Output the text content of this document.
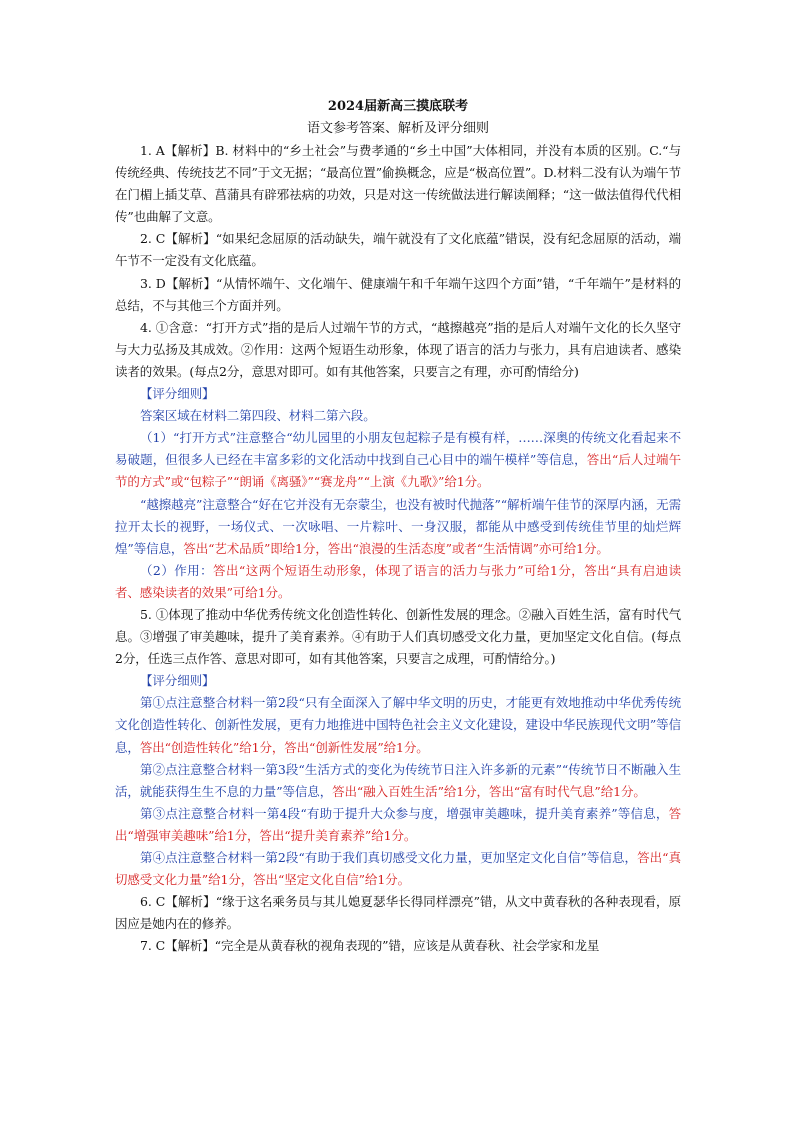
2024届新高三摸底联考
语文参考答案、解析及评分细则

1. A【解析】B. 材料中的“乡土社会”与费孝通的“乡土中国”大体相同，并没有本质的区别。C.“与传统经典、传统技艺不同”于文无据；“最高位置”偷换概念，应是“极高位置”。D.材料二没有认为端午节在门楣上插艾草、菖蒲具有辟邪祛病的功效，只是对这一传统做法进行解读阐释；“这一做法值得代代相传”也曲解了文意。

2. C【解析】“如果纪念屈原的活动缺失，端午就没有了文化底蕴”错误，没有纪念屈原的活动，端午节不一定没有文化底蕴。

3. D【解析】“从情怀端午、文化端午、健康端午和千年端午这四个方面”错，“千年端午”是材料的总结，不与其他三个方面并列。

4. ①含意：“打开方式”指的是后人过端午节的方式，“越擦越亮”指的是后人对端午文化的长久坚守与大力弘扬及其成效。②作用：这两个短语生动形象，体现了语言的活力与张力，具有启迪读者、感染读者的效果。(每点2分，意思对即可。如有其他答案，只要言之有理，亦可酌情给分)

【评分细则】

答案区域在材料二第四段、材料二第六段。

（1）“打开方式”注意整合“幼儿园里的小朋友包起粽子是有模有样，……深奥的传统文化看起来不易破题，但很多人已经在丰富多彩的文化活动中找到自己心目中的端午模样”等信息，答出“后人过端午节的方式”或“包粽子”“朗诵《离骚》”“赛龙舟”“上演《九歌》”给1分。

“越擦越亮”注意整合“好在它并没有无奈蒙尘，也没有被时代抛落”“解析端午佳节的深厚内涵，无需拉开太长的视野，一场仪式、一次咏唱、一片粽叶、一身汉服，都能从中感受到传统佳节里的灿烂辉煌”等信息，答出“艺术品质”即给1分，答出“浪漫的生活态度”或者“生活情调”亦可给1分。

（2）作用：答出“这两个短语生动形象，体现了语言的活力与张力”可给1分，答出“具有启迪读者、感染读者的效果”可给1分。

5. ①体现了推动中华优秀传统文化创造性转化、创新性发展的理念。②融入百姓生活，富有时代气息。③增强了审美趣味，提升了美育素养。④有助于人们真切感受文化力量，更加坚定文化自信。(每点2分，任选三点作答、意思对即可，如有其他答案，只要言之成理，可酌情给分。)

【评分细则】

第①点注意整合材料一第2段“只有全面深入了解中华文明的历史，才能更有效地推动中华优秀传统文化创造性转化、创新性发展，更有力地推进中国特色社会主义文化建设，建设中华民族现代文明”等信息，答出“创造性转化”给1分，答出“创新性发展”给1分。

第②点注意整合材料一第3段“生活方式的变化为传统节日注入许多新的元素”“传统节日不断融入生活，就能获得生生不息的力量”等信息，答出“融入百姓生活”给1分，答出“富有时代气息”给1分。

第③点注意整合材料一第4段“有助于提升大众参与度，增强审美趣味，提升美育素养”等信息，答出“增强审美趣味”给1分，答出“提升美育素养”给1分。

第④点注意整合材料一第2段“有助于我们真切感受文化力量，更加坚定文化自信”等信息，答出“真切感受文化力量”给1分，答出“坚定文化自信”给1分。

6. C【解析】“缘于这名乘务员与其儿媳夏瑟华长得同样漂亮”错，从文中黄春秋的各种表现看，原因应是她内在的修养。

7. C【解析】“完全是从黄春秋的视角表现的”错，应该是从黄春秋、社会学家和龙星
